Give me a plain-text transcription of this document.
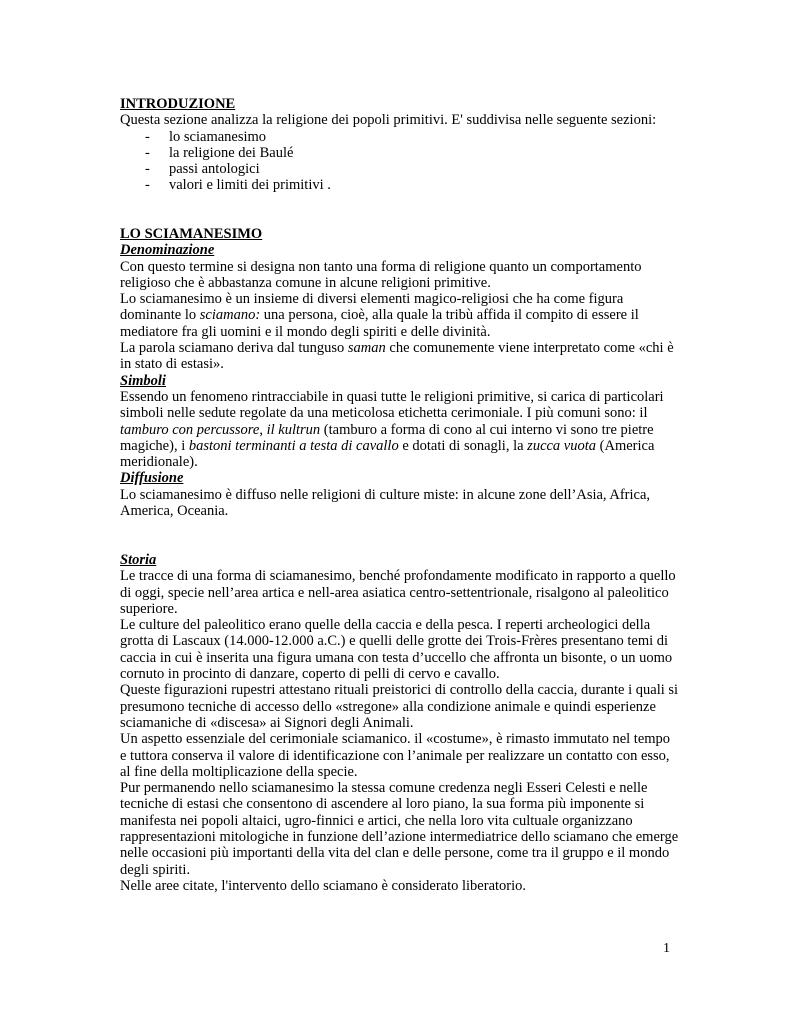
INTRODUZIONE

Questa sezione analizza la religione dei popoli primitivi. E' suddivisa nelle seguente sezioni:

- lo sciamanesimo
- la religione dei Baulé
- passi antologici
- valori e limiti dei primitivi .

LO SCIAMANESIMO

Denominazione

Con questo termine si designa non tanto una forma di religione quanto un comportamento religioso che è abbastanza comune in alcune religioni primitive.

Lo sciamanesimo è un insieme di diversi elementi magico-religiosi che ha come figura dominante lo sciamano: una persona, cioè, alla quale la tribù affida il compito di essere il mediatore fra gli uomini e il mondo degli spiriti e delle divinità.

La parola sciamano deriva dal tunguso saman che comunemente viene interpretato come «chi è in stato di estasi».

Simboli

Essendo un fenomeno rintracciabile in quasi tutte le religioni primitive, si carica di particolari simboli nelle sedute regolate da una meticolosa etichetta cerimoniale. I più comuni sono: il tamburo con percussore, il kultrun (tamburo a forma di cono al cui interno vi sono tre pietre magiche), i bastoni terminanti a testa di cavallo e dotati di sonagli, la zucca vuota (America meridionale).

Diffusione

Lo sciamanesimo è diffuso nelle religioni di culture miste: in alcune zone dell’Asia, Africa, America, Oceania.

Storia

Le tracce di una forma di sciamanesimo, benché profondamente modificato in rapporto a quello di oggi, specie nell’area artica e nell-area asiatica centro-settentrionale, risalgono al paleolitico superiore.

Le culture del paleolitico erano quelle della caccia e della pesca. I reperti archeologici della grotta di Lascaux (14.000-12.000 a.C.) e quelli delle grotte dei Trois-Frères presentano temi di caccia in cui è inserita una figura umana con testa d’uccello che affronta un bisonte, o un uomo cornuto in procinto di danzare, coperto di pelli di cervo e cavallo.

Queste figurazioni rupestri attestano rituali preistorici di controllo della caccia, durante i quali si presumono tecniche di accesso dello «stregone» alla condizione animale e quindi esperienze sciamaniche di «discesa» ai Signori degli Animali.

Un aspetto essenziale del cerimoniale sciamanico. il «costume», è rimasto immutato nel tempo e tuttora conserva il valore di identificazione con l’animale per realizzare un contatto con esso, al fine della moltiplicazione della specie.

Pur permanendo nello sciamanesimo la stessa comune credenza negli Esseri Celesti e nelle tecniche di estasi che consentono di ascendere al loro piano, la sua forma più imponente si manifesta nei popoli altaici, ugro-finnici e artici, che nella loro vita cultuale organizzano rappresentazioni mitologiche in funzione dell’azione intermediatrice dello sciamano che emerge nelle occasioni più importanti della vita del clan e delle persone, come tra il gruppo e il mondo degli spiriti.

Nelle aree citate, l'intervento dello sciamano è considerato liberatorio.

1
